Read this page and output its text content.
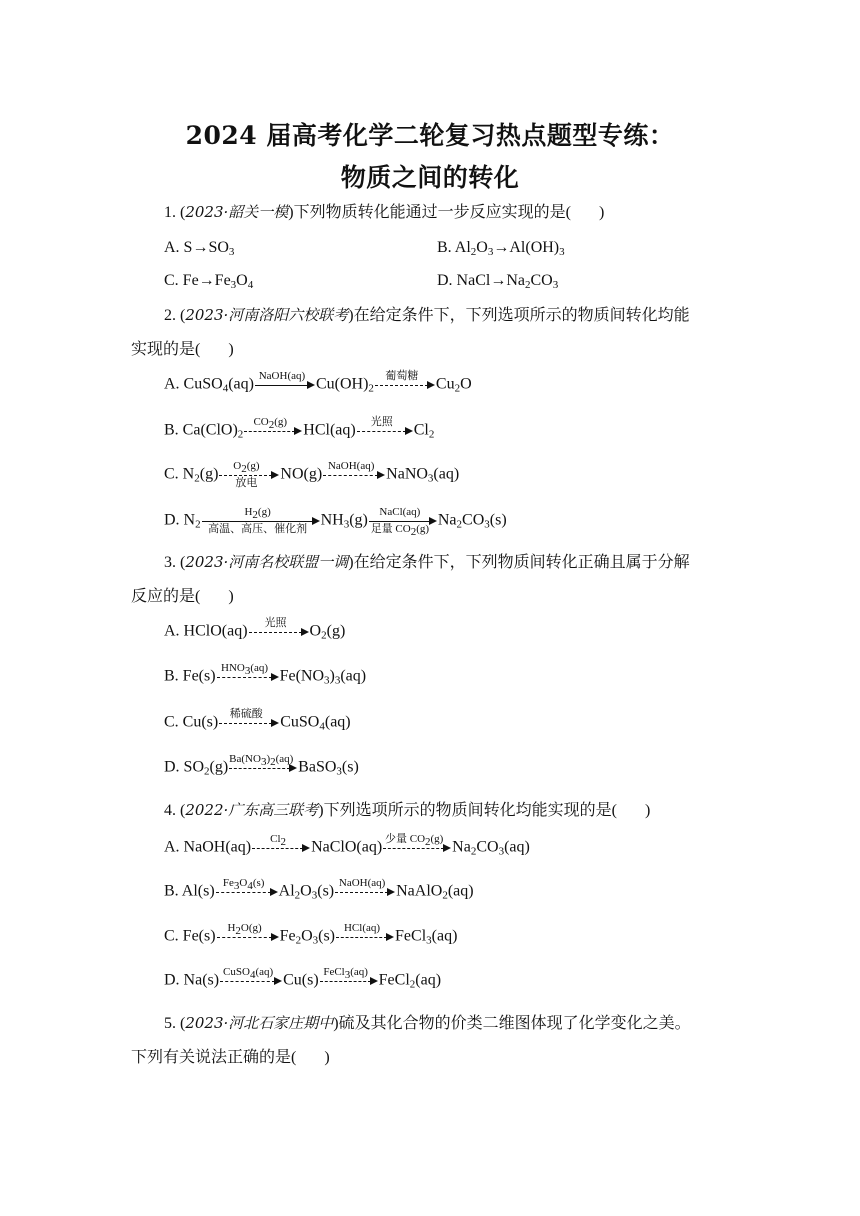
2024 届高考化学二轮复习热点题型专练：
物质之间的转化
1. (2023·韶关一模)下列物质转化能通过一步反应实现的是( )
A. $S\to SO_3$	B. $Al_2O_3\to Al(OH)_3$
C. $Fe\to Fe_3O_4$	D. $NaCl\to Na_2CO_3$
2. (2023·河南洛阳六校联考)在给定条件下，下列选项所示的物质间转化均能
实现的是( )
A. CuSO$_4$(aq) NaOH(aq) $Cu(OH)_2$
葡萄糖	$Cu_2O$
B. $Ca(ClO)_2$
$CO_2(g)$	HCl(aq)	光照	$Cl_2$
C. $N_2(g)$	$O_2(g)$
放电
NO(g) NaOH(aq) NaNO$_3$(aq)
D. $N_2$
$H_2(g)$
高温、高压、催化剂
$NH_3(g)$	NaCl(aq)
足量 $CO_2(g)$
$Na_2CO_3(s)$
3. (2023·河南名校联盟一调)在给定条件下，下列物质间转化正确且属于分解
反应的是( )
A. HClO(aq)	光照	$O_2(g)$
B. Fe(s) $HNO_3(aq)$ $Fe(NO_3)_3(aq)$
C. Cu(s)	稀硫酸	CuSO$_4$(aq)
D. $SO_2(g)$ $Ba(NO_3)_2(aq)$ BaSO$_3$(s)
4. (2022·广东高三联考)下列选项所示的物质间转化均能实现的是( )
A. NaOH(aq)	$Cl_2$	NaClO(aq) 少量 $CO_2(g)$ $Na_2CO_3(aq)$
B. Al(s) $Fe_3O_4(s)$ $Al_2O_3(s)$ NaOH(aq) NaAlO$_2$(aq)
C. Fe(s)	$H_2O(g)$	$Fe_2O_3(s)$ HCl(aq) FeCl$_3$(aq)
D. Na(s) CuSO$_4$(aq) Cu(s) FeCl$_3$(aq) FeCl$_2$(aq)
5. (2023·河北石家庄期中)硫及其化合物的价类二维图体现了化学变化之美。
下列有关说法正确的是( )
